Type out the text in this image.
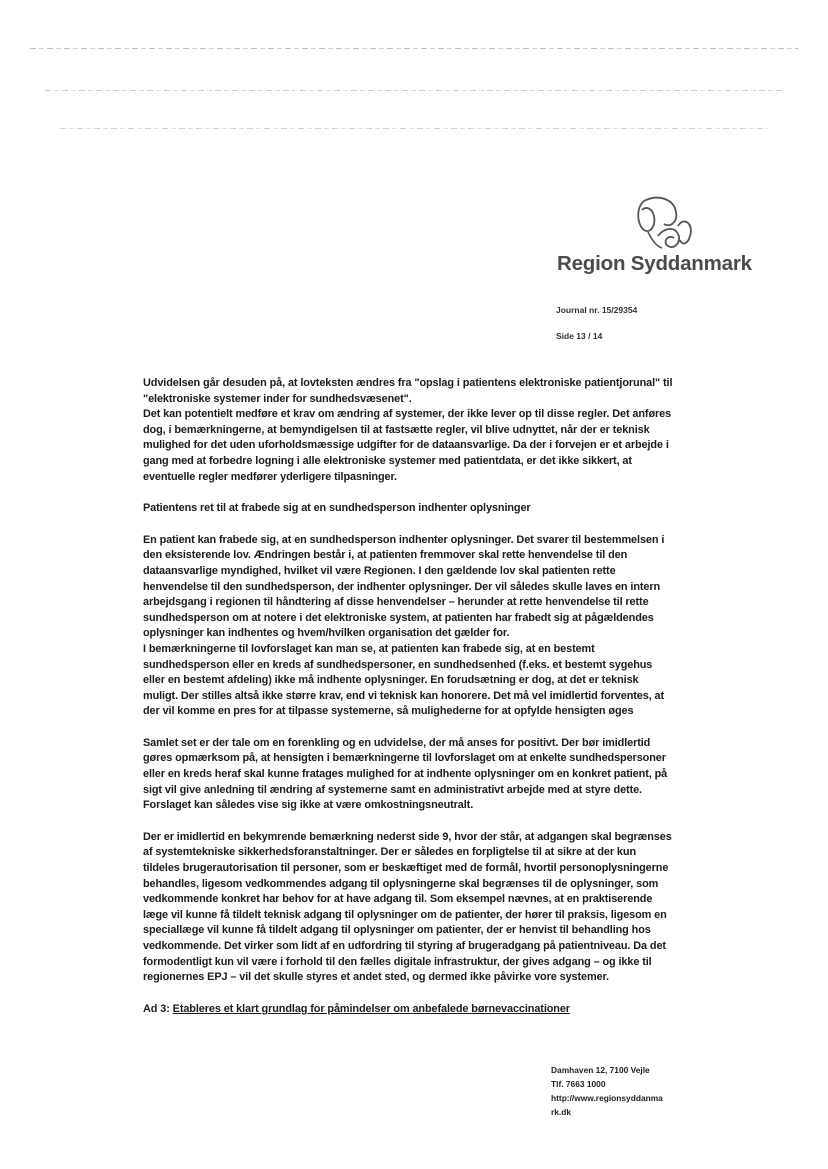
Region Syddanmark
Journal nr. 15/29354
Side 13 / 14

Udvidelsen går desuden på, at lovteksten ændres fra "opslag i patientens elektroniske patientjorunal" til "elektroniske systemer inder for sundhedsvæsenet".

Det kan potentielt medføre et krav om ændring af systemer, der ikke lever op til disse regler. Det anføres dog, i bemærkningerne, at bemyndigelsen til at fastsætte regler, vil blive udnyttet, når der er teknisk mulighed for det uden uforholdsmæssige udgifter for de dataansvarlige. Da der i forvejen er et arbejde i gang med at forbedre logning i alle elektroniske systemer med patientdata, er det ikke sikkert, at eventuelle regler medfører yderligere tilpasninger.

Patientens ret til at frabede sig at en sundhedsperson indhenter oplysninger

En patient kan frabede sig, at en sundhedsperson indhenter oplysninger. Det svarer til bestemmelsen i den eksisterende lov. Ændringen består i, at patienten fremmover skal rette henvendelse til den dataansvarlige myndighed, hvilket vil være Regionen. I den gældende lov skal patienten rette henvendelse til den sundhedsperson, der indhenter oplysninger. Der vil således skulle laves en intern arbejdsgang i regionen til håndtering af disse henvendelser – herunder at rette henvendelse til rette sundhedsperson om at notere i det elektroniske system, at patienten har frabedt sig at pågældendes oplysninger kan indhentes og hvem/hvilken organisation det gælder for.

I bemærkningerne til lovforslaget kan man se, at patienten kan frabede sig, at en bestemt sundhedsperson eller en kreds af sundhedspersoner, en sundhedsenhed (f.eks. et bestemt sygehus eller en bestemt afdeling) ikke må indhente oplysninger. En forudsætning er dog, at det er teknisk muligt. Der stilles altså ikke større krav, end vi teknisk kan honorere. Det må vel imidlertid forventes, at der vil komme en pres for at tilpasse systemerne, så mulighederne for at opfylde hensigten øges

Samlet set er der tale om en forenkling og en udvidelse, der må anses for positivt. Der bør imidlertid gøres opmærksom på, at hensigten i bemærkningerne til lovforslaget om at enkelte sundhedspersoner eller en kreds heraf skal kunne fratages mulighed for at indhente oplysninger om en konkret patient, på sigt vil give anledning til ændring af systemerne samt en administrativt arbejde med at styre dette. Forslaget kan således vise sig ikke at være omkostningsneutralt.

Der er imidlertid en bekymrende bemærkning nederst side 9, hvor der står, at adgangen skal begrænses af systemtekniske sikkerhedsforanstaltninger. Der er således en forpligtelse til at sikre at der kun tildeles brugerautorisation til personer, som er beskæftiget med de formål, hvortil personoplysningerne behandles, ligesom vedkommendes adgang til oplysningerne skal begrænses til de oplysninger, som vedkommende konkret har behov for at have adgang til. Som eksempel nævnes, at en praktiserende læge vil kunne få tildelt teknisk adgang til oplysninger om de patienter, der hører til praksis, ligesom en speciallæge vil kunne få tildelt adgang til oplysninger om patienter, der er henvist til behandling hos vedkommende. Det virker som lidt af en udfordring til styring af brugeradgang på patientniveau. Da det formodentligt kun vil være i forhold til den fælles digitale infrastruktur, der gives adgang – og ikke til regionernes EPJ – vil det skulle styres et andet sted, og dermed ikke påvirke vore systemer.

Ad 3: Etableres et klart grundlag for påmindelser om anbefalede børnevaccinationer

Damhaven 12, 7100 Vejle
Tlf. 7663 1000
http://www.regionsyddanma
rk.dk
